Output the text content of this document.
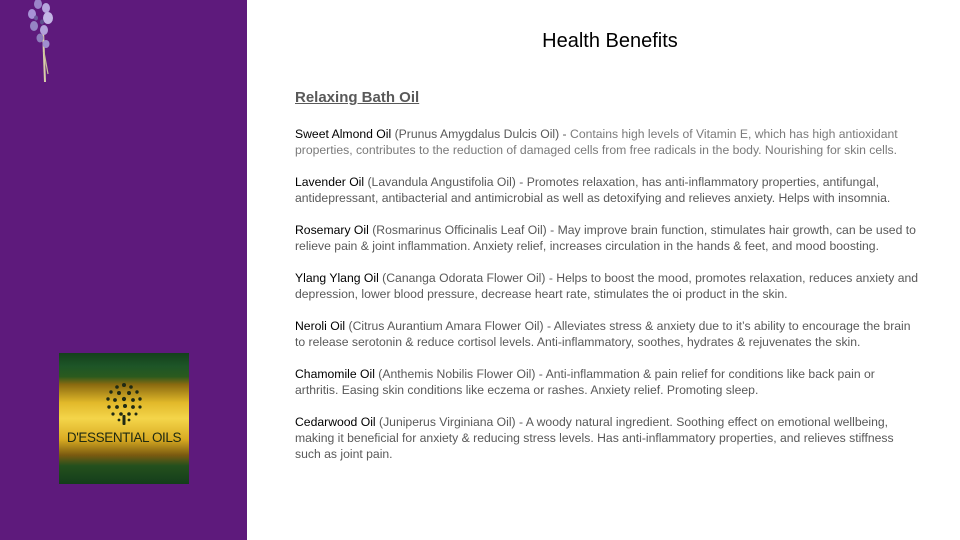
D'ESSENTIAL OILS
Health Benefits
Relaxing Bath Oil

Sweet Almond Oil (Prunus Amygdalus Dulcis Oil) - Contains high levels of Vitamin E, which has high antioxidant properties, contributes to the reduction of damaged cells from free radicals in the body. Nourishing for skin cells.

Lavender Oil (Lavandula Angustifolia Oil) - Promotes relaxation, has anti-inflammatory properties, antifungal, antidepressant, antibacterial and antimicrobial as well as detoxifying and relieves anxiety. Helps with insomnia.

Rosemary Oil (Rosmarinus Officinalis Leaf Oil) - May improve brain function, stimulates hair growth, can be used to relieve pain & joint inflammation. Anxiety relief, increases circulation in the hands & feet, and mood boosting.

Ylang Ylang Oil (Cananga Odorata Flower Oil) - Helps to boost the mood, promotes relaxation, reduces anxiety and depression, lower blood pressure, decrease heart rate, stimulates the oi product in the skin.

Neroli Oil (Citrus Aurantium Amara Flower Oil) - Alleviates stress & anxiety due to it’s ability to encourage the brain to release serotonin & reduce cortisol levels. Anti-inflammatory, soothes, hydrates & rejuvenates the skin.

Chamomile Oil (Anthemis Nobilis Flower Oil) - Anti-inflammation & pain relief for conditions like back pain or arthritis. Easing skin conditions like eczema or rashes. Anxiety relief. Promoting sleep.

Cedarwood Oil (Juniperus Virginiana Oil) - A woody natural ingredient. Soothing effect on emotional wellbeing, making it beneficial for anxiety & reducing stress levels. Has anti-inflammatory properties, and relieves stiffness such as joint pain.
